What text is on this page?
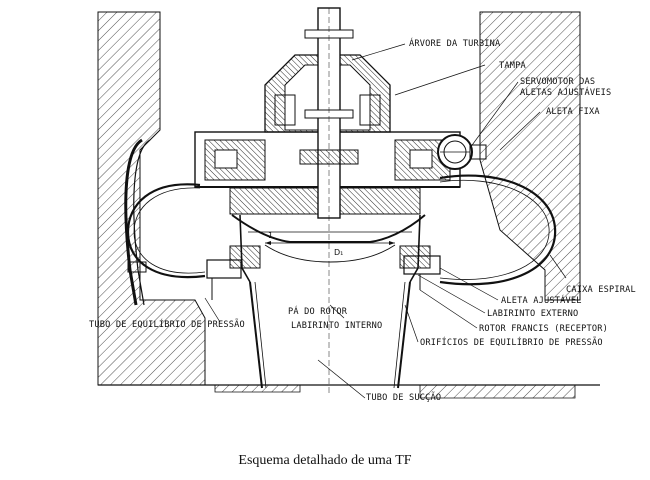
D₁
1
ÁRVORE DA TURBINA
TAMPA
SERVOMOTOR DAS
ALETAS AJUSTÁVEIS
ALETA FIXA
CAIXA ESPIRAL
ALETA AJUSTÁVEL
LABIRINTO EXTERNO
ROTOR FRANCIS (RECEPTOR)
ORIFÍCIOS DE EQUILÍBRIO DE PRESSÃO
TUBO DE EQUILÍBRIO DE PRESSÃO
PÁ DO ROTOR
LABIRINTO INTERNO
TUBO DE SUCÇÃO
Esquema detalhado de uma TF
